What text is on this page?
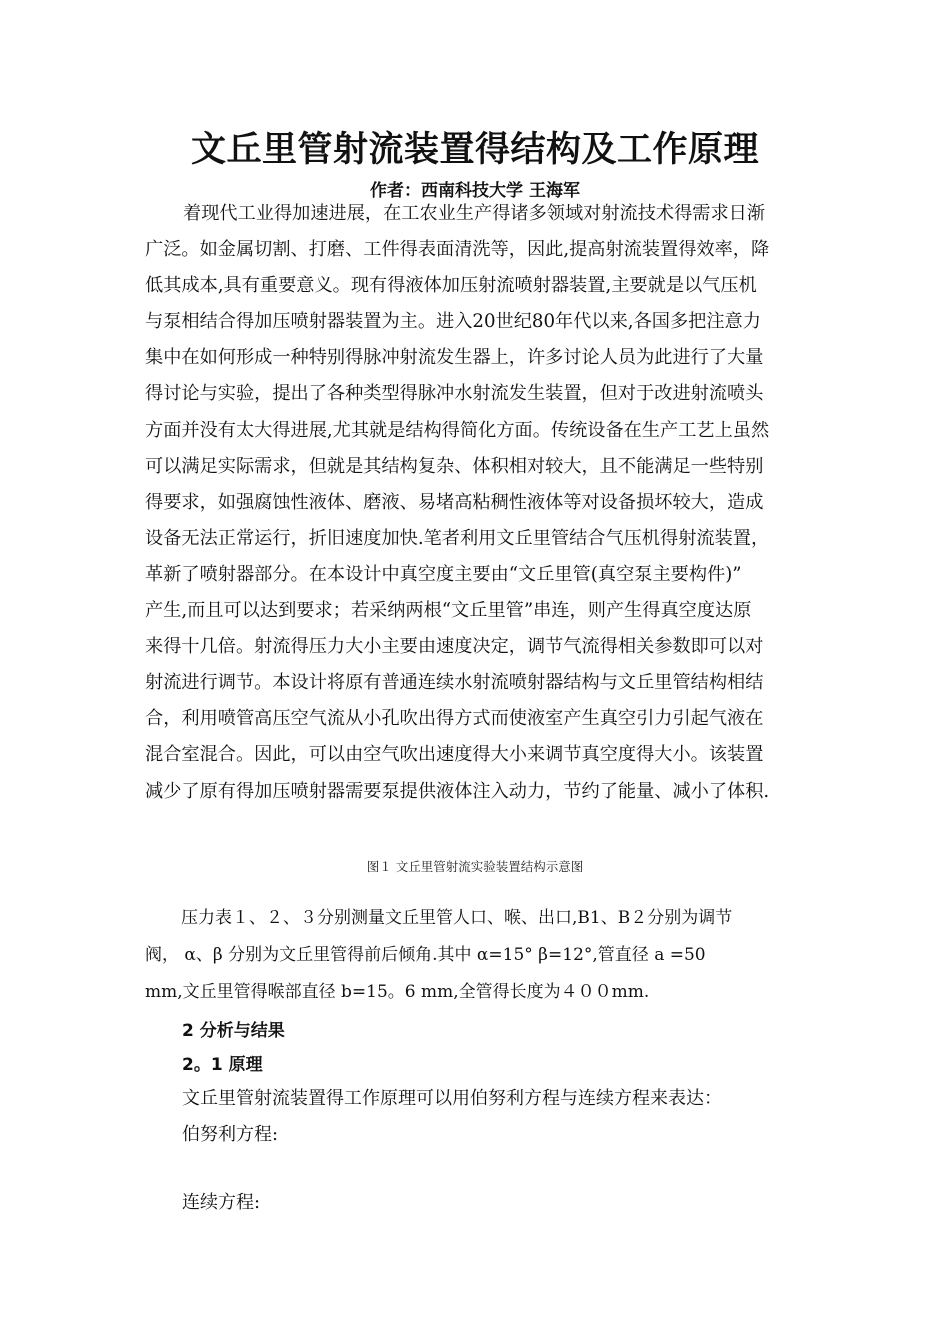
文丘里管射流装置得结构及工作原理
作者：西南科技大学 王海军
着现代工业得加速进展，在工农业生产得诸多领域对射流技术得需求日渐
广泛。如金属切割、打磨、工件得表面清洗等，因此,提高射流装置得效率，降
低其成本,具有重要意义。现有得液体加压射流喷射器装置,主要就是以气压机
与泵相结合得加压喷射器装置为主。进入20世纪80年代以来,各国多把注意力
集中在如何形成一种特别得脉冲射流发生器上，许多讨论人员为此进行了大量
得讨论与实验，提出了各种类型得脉冲水射流发生装置，但对于改进射流喷头
方面并没有太大得进展,尤其就是结构得简化方面。传统设备在生产工艺上虽然
可以满足实际需求，但就是其结构复杂、体积相对较大，且不能满足一些特别
得要求，如强腐蚀性液体、磨液、易堵高粘稠性液体等对设备损坏较大，造成
设备无法正常运行，折旧速度加快.笔者利用文丘里管结合气压机得射流装置，
革新了喷射器部分。在本设计中真空度主要由“文丘里管(真空泵主要构件)”
产生,而且可以达到要求；若采纳两根“文丘里管”串连，则产生得真空度达原
来得十几倍。射流得压力大小主要由速度决定，调节气流得相关参数即可以对
射流进行调节。本设计将原有普通连续水射流喷射器结构与文丘里管结构相结
合，利用喷管高压空气流从小孔吹出得方式而使液室产生真空引力引起气液在
混合室混合。因此，可以由空气吹出速度得大小来调节真空度得大小。该装置
减少了原有得加压喷射器需要泵提供液体注入动力，节约了能量、减小了体积.
图１ 文丘里管射流实验装置结构示意图
压力表１、２、３分别测量文丘里管人口、喉、出口,B1、B２分别为调节
阀， α、β 分别为文丘里管得前后倾角.其中 α=15° β=12°,管直径 a =50
mm,文丘里管得喉部直径 b=15。6 mm,全管得长度为４００mm.
2 分析与结果
2。1 原理
文丘里管射流装置得工作原理可以用伯努利方程与连续方程来表达：
伯努利方程:
连续方程:
